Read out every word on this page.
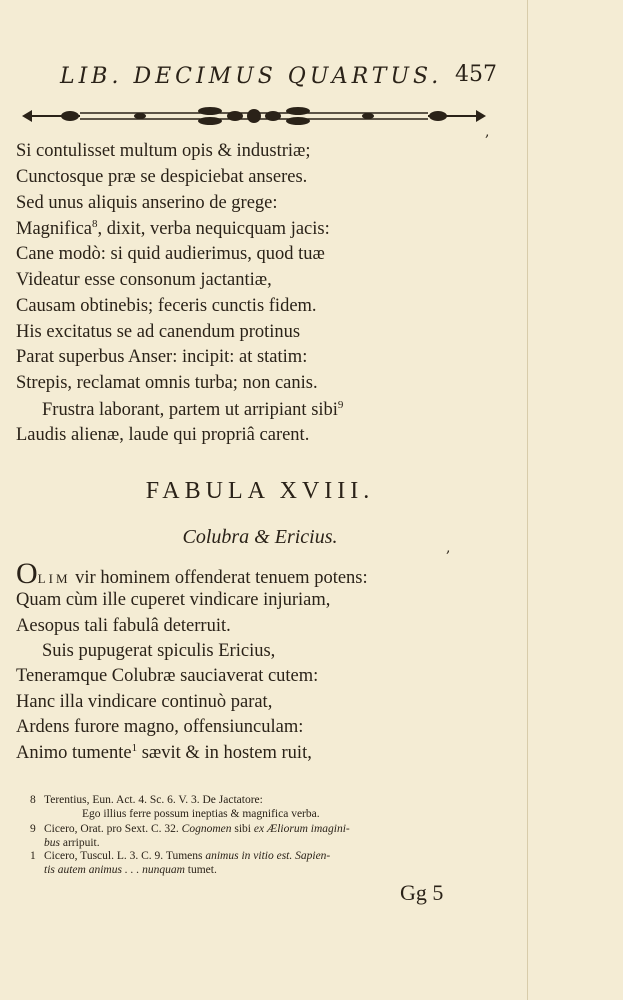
LIB. DECIMUS QUARTUS. 457
,
Si contulisset multum opis & industriæ;
Cunctosque præ se despiciebat anseres.
Sed unus aliquis anserino de grege:
Magnifica$^8$, dixit, verba nequicquam jacis:
Cane modò: si quid audierimus, quod tuæ
Videatur esse consonum jactantiæ,
Causam obtinebis; feceris cunctis fidem.
His excitatus se ad canendum protinus
Parat superbus Anser: incipit: at statim:
Strepis, reclamat omnis turba; non canis.
Frustra laborant, partem ut arripiant sibi$^9$
Laudis alienæ, laude qui propriâ carent.
FABULA XVIII.
Colubra & Ericius.	,
OLIM vir hominem offenderat tenuem potens:
Quam cùm ille cuperet vindicare injuriam,
Aesopus tali fabulâ deterruit.
Suis pupugerat spiculis Ericius,
Teneramque Colubræ sauciaverat cutem:
Hanc illa vindicare continuò parat,
Ardens furore magno, offensiunculam:
Animo tumente$^1$ sævit & in hostem ruit,
8 Terentius, Eun. Act. 4. Sc. 6. V. 3. De Jactatore:
Ego illius ferre possum ineptias & magnifica verba.
9 Cicero, Orat. pro Sext. C. 32. Cognomen sibi ex Æliorum imagini-
bus arripuit.
1 Cicero, Tuscul. L. 3. C. 9. Tumens animus in vitio est. Sapien-
tis autem animus . . . nunquam tumet.
Gg 5
